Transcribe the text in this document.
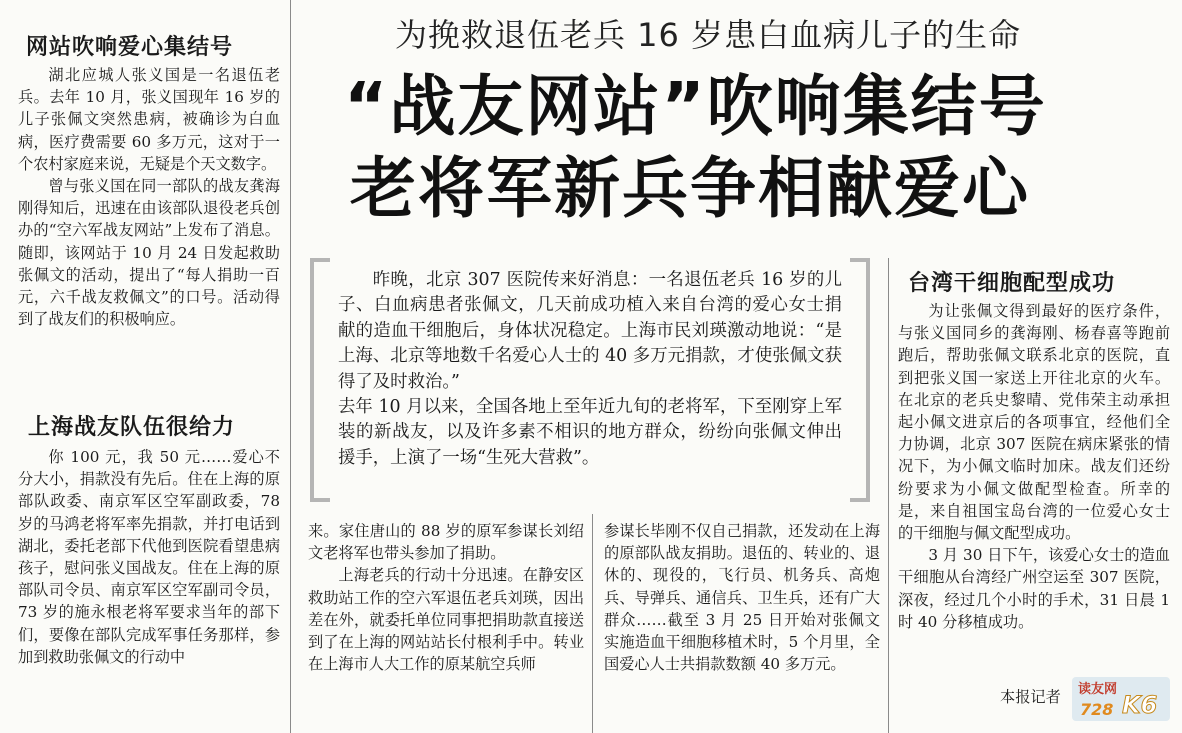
网站吹响爱心集结号

湖北应城人张义国是一名退伍老兵。去年 10 月，张义国现年 16 岁的儿子张佩文突然患病，被确诊为白血病，医疗费需要 60 多万元，这对于一个农村家庭来说，无疑是个天文数字。

曾与张义国在同一部队的战友龚海刚得知后，迅速在由该部队退役老兵创办的“空六军战友网站”上发布了消息。随即，该网站于 10 月 24 日发起救助张佩文的活动，提出了“每人捐助一百元，六千战友救佩文”的口号。活动得到了战友们的积极响应。

上海战友队伍很给力

你 100 元，我 50 元……爱心不分大小，捐款没有先后。住在上海的原部队政委、南京军区空军副政委，78 岁的马鸿老将军率先捐款，并打电话到湖北，委托老部下代他到医院看望患病孩子，慰问张义国战友。住在上海的原部队司令员、南京军区空军副司令员，73 岁的施永根老将军要求当年的部下们，要像在部队完成军事任务那样，参加到救助张佩文的行动中

为挽救退伍老兵 16 岁患白血病儿子的生命
“战友网站”吹响集结号
老将军新兵争相献爱心

昨晚，北京 307 医院传来好消息：一名退伍老兵 16 岁的儿子、白血病患者张佩文，几天前成功植入来自台湾的爱心女士捐献的造血干细胞后，身体状况稳定。上海市民刘瑛激动地说：“是上海、北京等地数千名爱心人士的 40 多万元捐款，才使张佩文获得了及时救治。”

去年 10 月以来，全国各地上至年近九旬的老将军，下至刚穿上军装的新战友，以及许多素不相识的地方群众，纷纷向张佩文伸出援手，上演了一场“生死大营救”。

来。家住唐山的 88 岁的原军参谋长刘绍文老将军也带头参加了捐助。

上海老兵的行动十分迅速。在静安区救助站工作的空六军退伍老兵刘瑛，因出差在外，就委托单位同事把捐助款直接送到了在上海的网站站长付根利手中。转业在上海市人大工作的原某航空兵师

参谋长毕刚不仅自己捐款，还发动在上海的原部队战友捐助。退伍的、转业的、退休的、现役的，飞行员、机务兵、高炮兵、导弹兵、通信兵、卫生兵，还有广大群众……截至 3 月 25 日开始对张佩文实施造血干细胞移植术时，5 个月里，全国爱心人士共捐款数额 40 多万元。

台湾干细胞配型成功

为让张佩文得到最好的医疗条件，与张义国同乡的龚海刚、杨春喜等跑前跑后，帮助张佩文联系北京的医院，直到把张义国一家送上开往北京的火车。在北京的老兵史黎晴、党伟荣主动承担起小佩文进京后的各项事宜，经他们全力协调，北京 307 医院在病床紧张的情况下，为小佩文临时加床。战友们还纷纷要求为小佩文做配型检查。所幸的是，来自祖国宝岛台湾的一位爱心女士的干细胞与佩文配型成功。

3 月 30 日下午，该爱心女士的造血干细胞从台湾经广州空运至 307 医院，深夜，经过几个小时的手术，31 日晨 1 时 40 分移植成功。

本报记者 读友网
728 K6
